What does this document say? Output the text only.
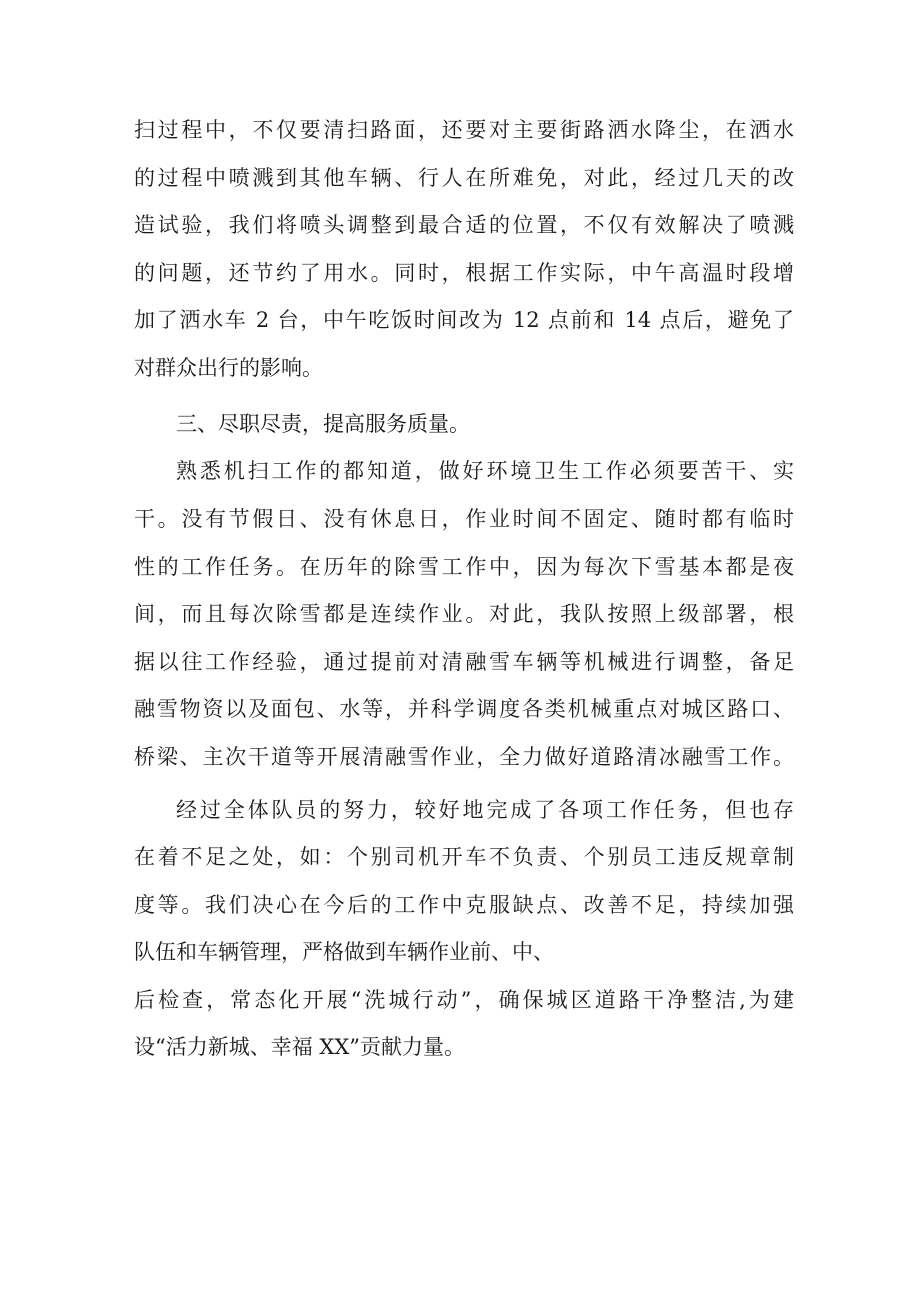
扫过程中，不仅要清扫路面，还要对主要街路洒水降尘，在洒水
的过程中喷溅到其他车辆、行人在所难免，对此，经过几天的改
造试验，我们将喷头调整到最合适的位置，不仅有效解决了喷溅
的问题，还节约了用水。同时，根据工作实际，中午高温时段增
加了洒水车 2 台，中午吃饭时间改为 12 点前和 14 点后，避免了
对群众出行的影响。
三、尽职尽责，提高服务质量。
熟悉机扫工作的都知道，做好环境卫生工作必须要苦干、实
干。没有节假日、没有休息日，作业时间不固定、随时都有临时
性的工作任务。在历年的除雪工作中，因为每次下雪基本都是夜
间，而且每次除雪都是连续作业。对此，我队按照上级部署，根
据以往工作经验，通过提前对清融雪车辆等机械进行调整，备足
融雪物资以及面包、水等，并科学调度各类机械重点对城区路口、
桥梁、主次干道等开展清融雪作业，全力做好道路清冰融雪工作。
经过全体队员的努力，较好地完成了各项工作任务，但也存
在着不足之处，如：个别司机开车不负责、个别员工违反规章制
度等。我们决心在今后的工作中克服缺点、改善不足，持续加强
队伍和车辆管理，严格做到车辆作业前、中、
后检查，常态化开展“洗城行动”，确保城区道路干净整洁,为建
设“活力新城、幸福 XX”贡献力量。
